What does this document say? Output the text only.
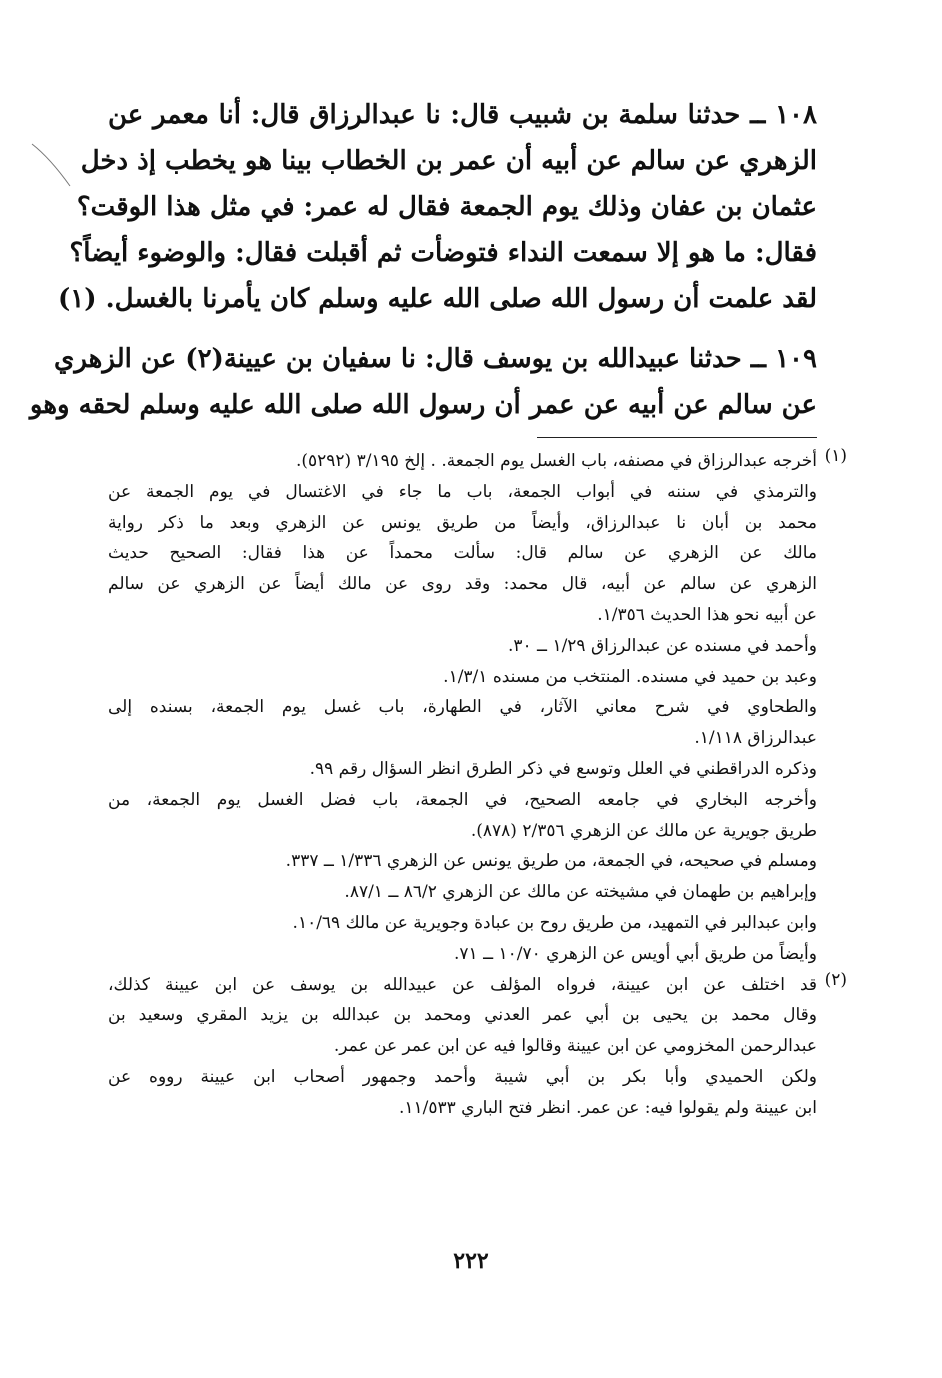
١٠٨ ــ حدثنا سلمة بن شبيب قال: نا عبدالرزاق قال: أنا معمر عن
الزهري عن سالم عن أبيه أن عمر بن الخطاب بينا هو يخطب إذ دخل
عثمان بن عفان وذلك يوم الجمعة فقال له عمر: في مثل هذا الوقت؟
فقال: ما هو إلا سمعت النداء فتوضأت ثم أقبلت فقال: والوضوء أيضاً؟
لقد علمت أن رسول الله صلى الله عليه وسلم كان يأمرنا بالغسل. (١)
١٠٩ ــ حدثنا عبيدالله بن يوسف قال: نا سفيان بن عيينة(٢) عن الزهري
عن سالم عن أبيه عن عمر أن رسول الله صلى الله عليه وسلم لحقه وهو
(١)
أخرجه عبدالرزاق في مصنفه، باب الغسل يوم الجمعة. . إلخ ٣/١٩٥ (٥٢٩٢).
والترمذي في سننه في أبواب الجمعة، باب ما جاء في الاغتسال في يوم الجمعة عن
محمد بن أبان نا عبدالرزاق، وأيضاً من طريق يونس عن الزهري وبعد ما ذكر رواية
مالك عن الزهري عن سالم قال: سألت محمداً عن هذا فقال: الصحيح حديث
الزهري عن سالم عن أبيه، قال محمد: وقد روى عن مالك أيضاً عن الزهري عن سالم
عن أبيه نحو هذا الحديث ١/٣٥٦.
وأحمد في مسنده عن عبدالرزاق ١/٢٩ ــ ٣٠.
وعبد بن حميد في مسنده. المنتخب من مسنده ١/٣/١.
والطحاوي في شرح معاني الآثار، في الطهارة، باب غسل يوم الجمعة، بسنده إلى
عبدالرزاق ١/١١٨.
وذكره الدراقطني في العلل وتوسع في ذكر الطرق انظر السؤال رقم ٩٩.
وأخرجه البخاري في جامعه الصحيح، في الجمعة، باب فضل الغسل يوم الجمعة، من
طريق جويرية عن مالك عن الزهري ٢/٣٥٦ (٨٧٨).
ومسلم في صحيحه، في الجمعة، من طريق يونس عن الزهري ١/٣٣٦ ــ ٣٣٧.
وإبراهيم بن طهمان في مشيخته عن مالك عن الزهري ٨٦/٢ ــ ٨٧/١.
وابن عبدالبر في التمهيد، من طريق روح بن عبادة وجويرية عن مالك ١٠/٦٩.
وأيضاً من طريق أبي أويس عن الزهري ١٠/٧٠ ــ ٧١.
(٢)
قد اختلف عن ابن عيينة، فرواه المؤلف عن عبيدالله بن يوسف عن ابن عيينة كذلك،
وقال محمد بن يحيى بن أبي عمر العدني ومحمد بن عبدالله بن يزيد المقري وسعيد بن
عبدالرحمن المخزومي عن ابن عيينة وقالوا فيه عن ابن عمر عن عمر.
ولكن الحميدي وأبا بكر بن أبي شيبة وأحمد وجمهور أصحاب ابن عيينة رووه عن
ابن عيينة ولم يقولوا فيه: عن عمر. انظر فتح الباري ١١/٥٣٣.
٢٢٢
